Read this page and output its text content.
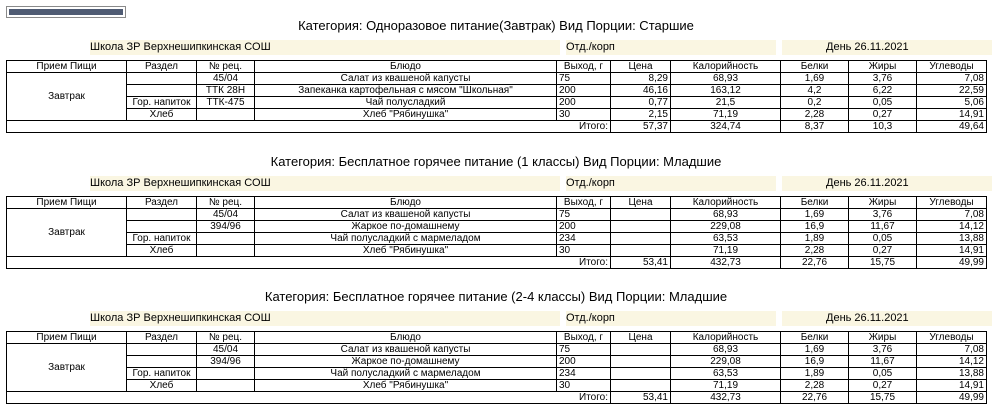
Категория: Одноразовое питание(Завтрак) Вид Порции: Старшие
Школа ЗР Верхнешипкинская СОШ	Отд./корп	День 26.11.2021
Прием Пищи	Раздел	№ рец.	Блюдо	Выход, г	Цена	Калорийность	Белки	Жиры	Углеводы
Завтрак		45/04	Салат из квашеной капусты	75	8,29	68,93	1,69	3,76	7,08
		ТТК 28Н	Запеканка картофельная с мясом "Школьная"	200	46,16	163,12	4,2	6,22	22,59
	Гор. напиток	ТТК-475	Чай полусладкий	200	0,77	21,5	0,2	0,05	5,06
	Хлеб		Хлеб "Рябинушка"	30	2,15	71,19	2,28	0,27	14,91
Итого:					57,37	324,74	8,37	10,3	49,64
Категория: Бесплатное горячее питание (1 классы) Вид Порции: Младшие
Школа ЗР Верхнешипкинская СОШ	Отд./корп	День 26.11.2021
Прием Пищи	Раздел	№ рец.	Блюдо	Выход, г	Цена	Калорийность	Белки	Жиры	Углеводы
Завтрак		45/04	Салат из квашеной капусты	75		68,93	1,69	3,76	7,08
		394/96	Жаркое по-домашнему	200		229,08	16,9	11,67	14,12
	Гор. напиток		Чай полусладкий с мармеладом	234		63,53	1,89	0,05	13,88
	Хлеб		Хлеб "Рябинушка"	30		71,19	2,28	0,27	14,91
Итого:					53,41	432,73	22,76	15,75	49,99
Категория: Бесплатное горячее питание (2-4 классы) Вид Порции: Младшие
Школа ЗР Верхнешипкинская СОШ	Отд./корп	День 26.11.2021
Прием Пищи	Раздел	№ рец.	Блюдо	Выход, г	Цена	Калорийность	Белки	Жиры	Углеводы
Завтрак		45/04	Салат из квашеной капусты	75		68,93	1,69	3,76	7,08
		394/96	Жаркое по-домашнему	200		229,08	16,9	11,67	14,12
	Гор. напиток		Чай полусладкий с мармеладом	234		63,53	1,89	0,05	13,88
	Хлеб		Хлеб "Рябинушка"	30		71,19	2,28	0,27	14,91
Итого:					53,41	432,73	22,76	15,75	49,99
